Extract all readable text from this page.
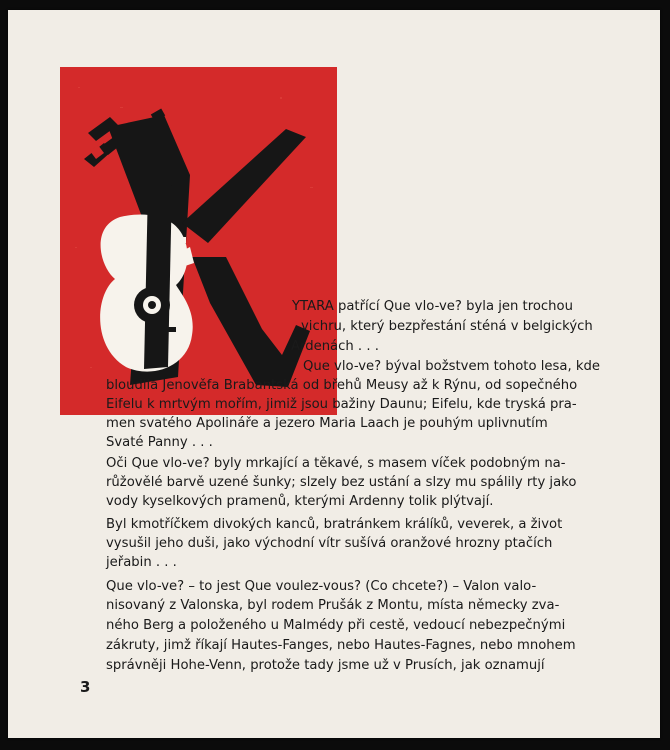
YTARA patřící Que vlo-ve? byla jen trochou
vichru, který bezpřestání sténá v belgických
Ardenách . . .
Que vlo-ve? býval božstvem tohoto lesa, kde
bloudila Jenověfa Brabantská od břehů Meusy až k Rýnu, od sopečného
Eifelu k mrtvým mořím, jimiž jsou bažiny Daunu; Eifelu, kde tryská pra-
men svatého Apolináře a jezero Maria Laach je pouhým uplivnutím
Svaté Panny . . .
Oči Que vlo-ve? byly mrkající a těkavé, s masem víček podobným na-
růžovělé barvě uzené šunky; slzely bez ustání a slzy mu spálily rty jako
vody kyselkových pramenů, kterými Ardenny tolik plýtvají.
Byl kmotříčkem divokých kanců, bratránkem králíků, veverek, a život
vysušil jeho duši, jako východní vítr sušívá oranžové hrozny ptačích
jeřabin . . .
Que vlo-ve? – to jest Que voulez-vous? (Co chcete?) – Valon valo-
nisovaný z Valonska, byl rodem Prušák z Montu, místa německy zva-
ného Berg a položeného u Malmédy při cestě, vedoucí nebezpečnými
zákruty, jimž říkají Hautes-Fanges, nebo Hautes-Fagnes, nebo mnohem
správněji Hohe-Venn, protože tady jsme už v Prusích, jak oznamují
3
